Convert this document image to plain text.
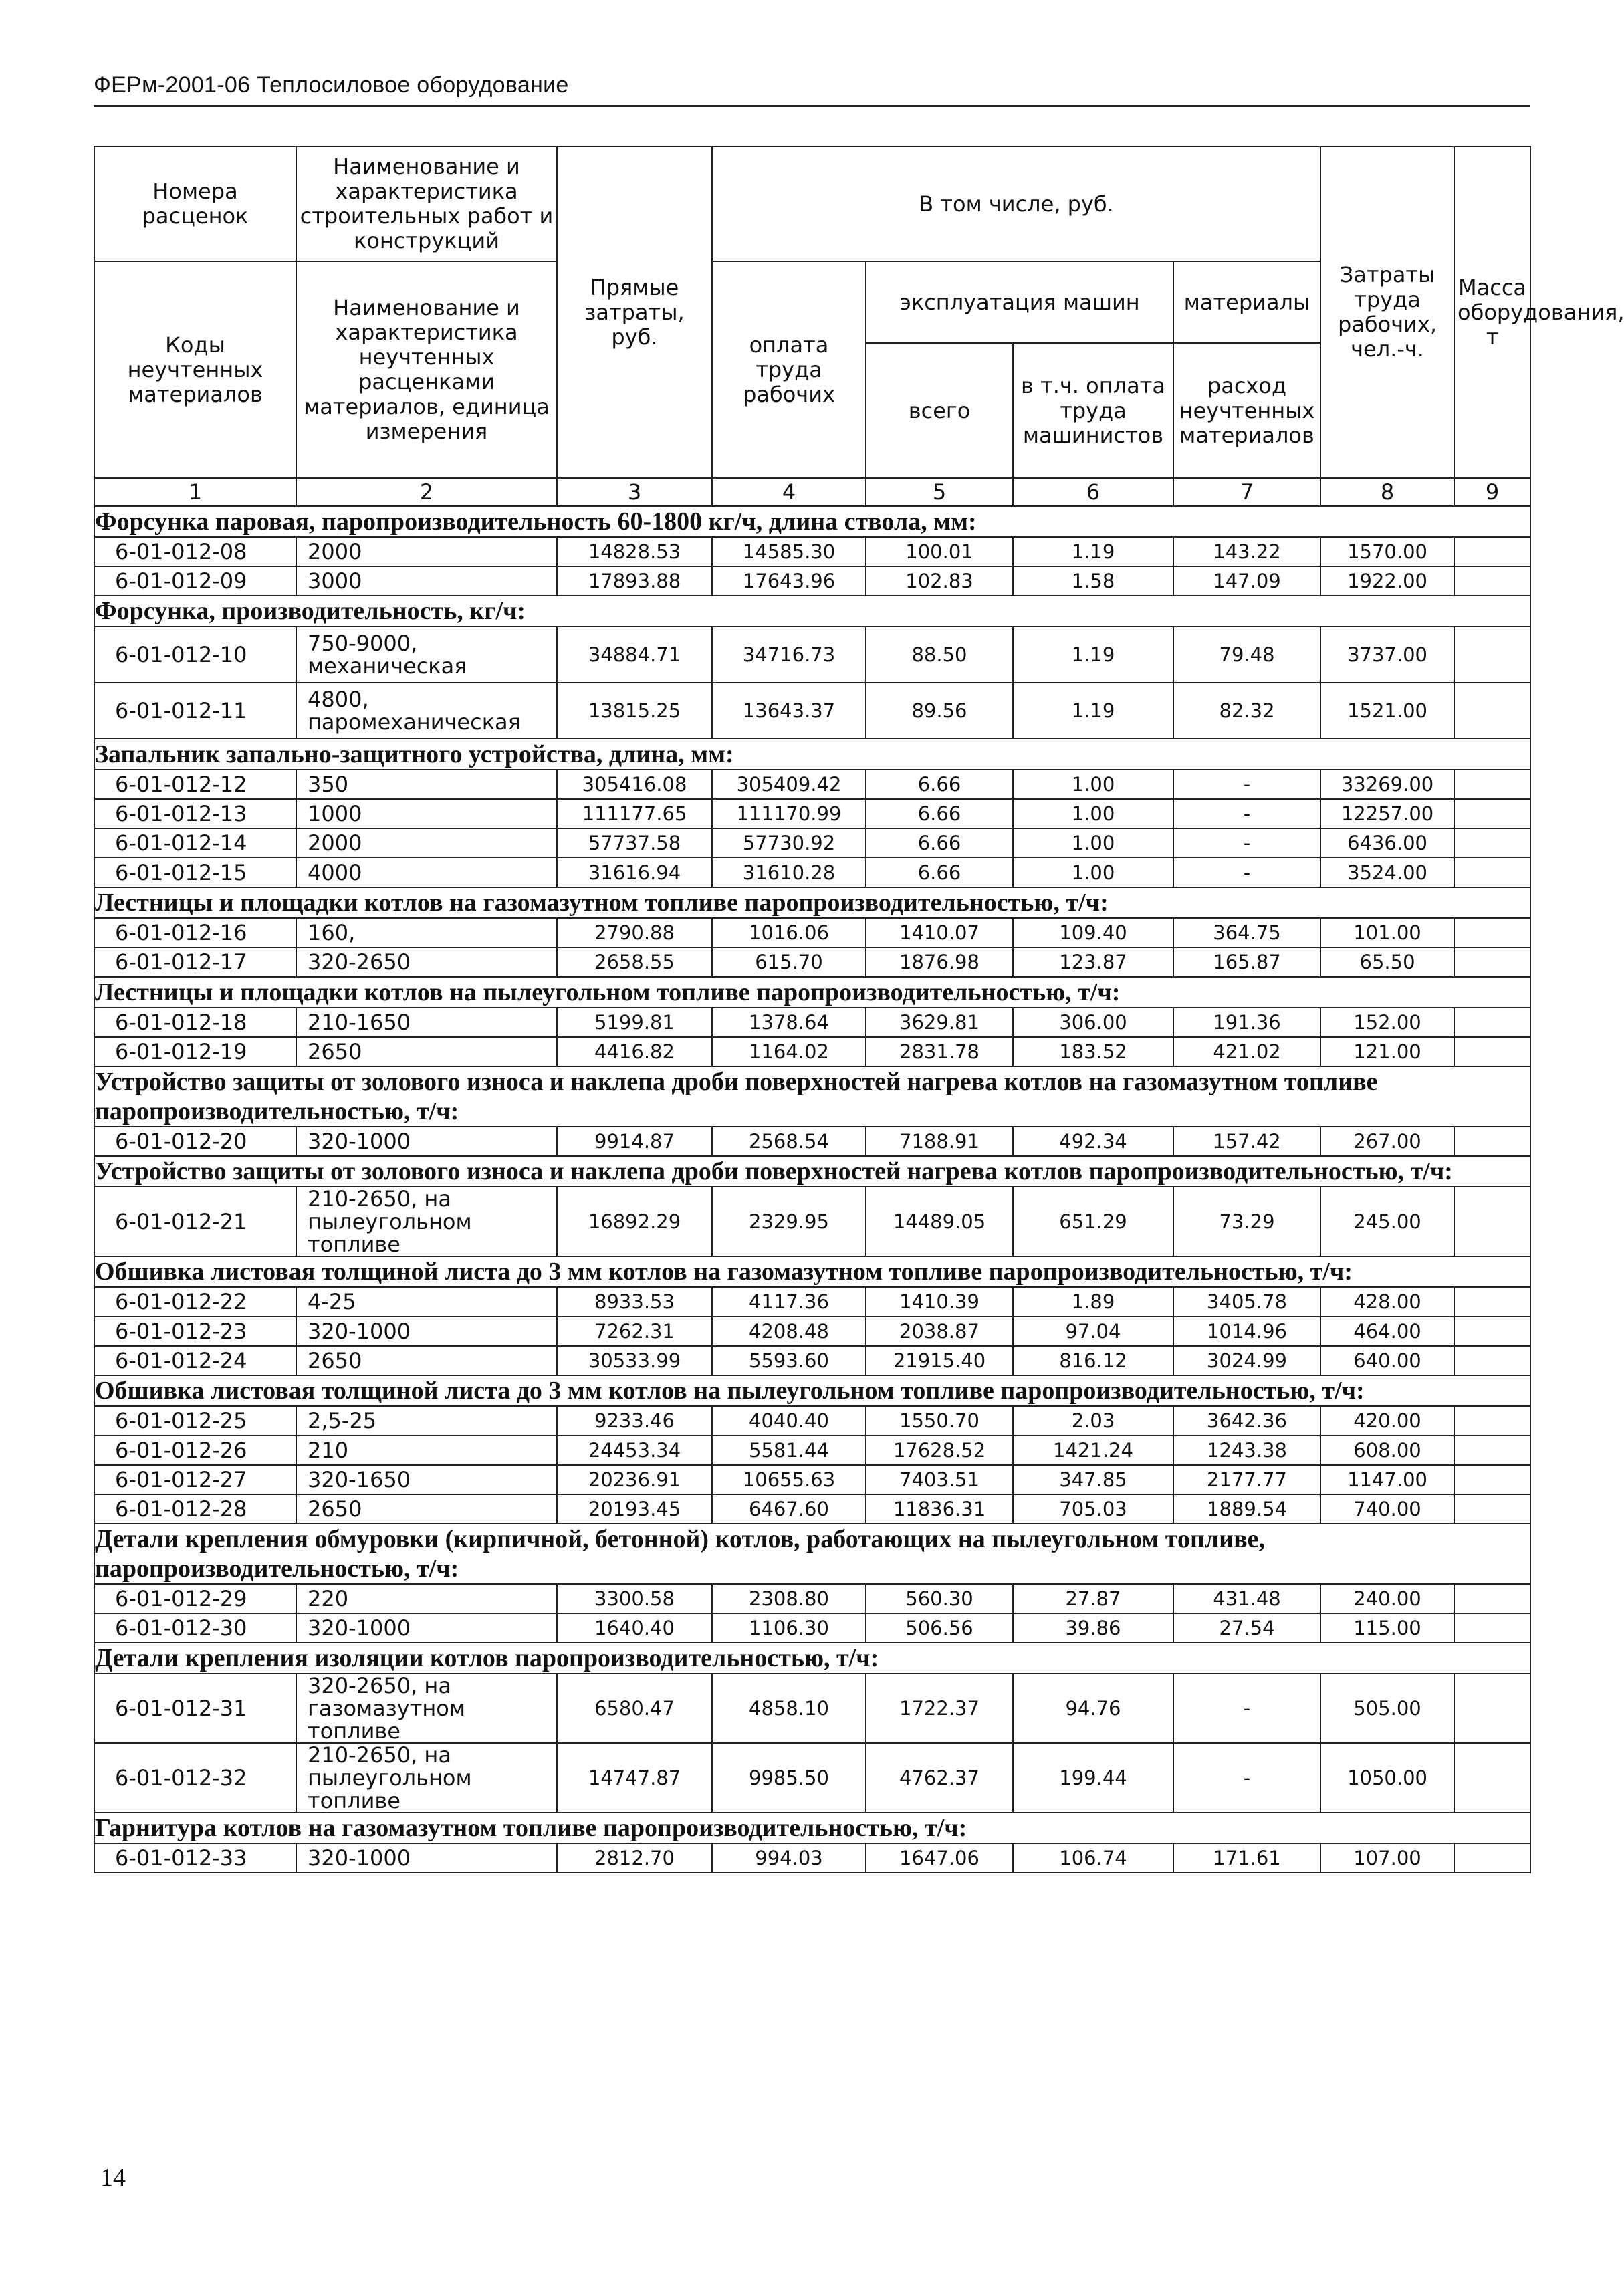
ФЕРм-2001-06 Теплосиловое оборудование
Номера расценок	Наименование и характеристика строительных работ и конструкций	Прямые затраты, руб.	В том числе, руб.				Затраты труда рабочих, чел.-ч.	Масса оборудования, т

Коды неучтенных материалов	Наименование и характеристика неучтенных расценками материалов, единица измерения		оплата труда рабочих	эксплуатация машин		материалы		

				всего	в т.ч. оплата труда машинистов	расход неучтенных материалов		

1	2	3	4	5	6	7	8	9
Форсунка паровая, паропроизводительность 60-1800 кг/ч, длина ствола, мм:								
6-01-012-08	2000	14828.53	14585.30	100.01	1.19	143.22	1570.00	
6-01-012-09	3000	17893.88	17643.96	102.83	1.58	147.09	1922.00	
Форсунка, производительность, кг/ч:								
6-01-012-10	750-9000, механическая	34884.71	34716.73	88.50	1.19	79.48	3737.00	
6-01-012-11	4800, паромеханическая	13815.25	13643.37	89.56	1.19	82.32	1521.00	
Запальник запально-защитного устройства, длина, мм:								
6-01-012-12	350	305416.08	305409.42	6.66	1.00	-	33269.00	
6-01-012-13	1000	111177.65	111170.99	6.66	1.00	-	12257.00	
6-01-012-14	2000	57737.58	57730.92	6.66	1.00	-	6436.00	
6-01-012-15	4000	31616.94	31610.28	6.66	1.00	-	3524.00	
Лестницы и площадки котлов на газомазутном топливе паропроизводительностью, т/ч:								
6-01-012-16	160,	2790.88	1016.06	1410.07	109.40	364.75	101.00	
6-01-012-17	320-2650	2658.55	615.70	1876.98	123.87	165.87	65.50	
Лестницы и площадки котлов на пылеугольном топливе паропроизводительностью, т/ч:								
6-01-012-18	210-1650	5199.81	1378.64	3629.81	306.00	191.36	152.00	
6-01-012-19	2650	4416.82	1164.02	2831.78	183.52	421.02	121.00	
Устройство защиты от золового износа и наклепа дроби поверхностей нагрева котлов на газомазутном топливе паропроизводительностью, т/ч:								
6-01-012-20	320-1000	9914.87	2568.54	7188.91	492.34	157.42	267.00	
Устройство защиты от золового износа и наклепа дроби поверхностей нагрева котлов паропроизводительностью, т/ч:								
6-01-012-21	210-2650, на пылеугольном топливе	16892.29	2329.95	14489.05	651.29	73.29	245.00	
Обшивка листовая толщиной листа до 3 мм котлов на газомазутном топливе паропроизводительностью, т/ч:								
6-01-012-22	4-25	8933.53	4117.36	1410.39	1.89	3405.78	428.00	
6-01-012-23	320-1000	7262.31	4208.48	2038.87	97.04	1014.96	464.00	
6-01-012-24	2650	30533.99	5593.60	21915.40	816.12	3024.99	640.00	
Обшивка листовая толщиной листа до 3 мм котлов на пылеугольном топливе паропроизводительностью, т/ч:								
6-01-012-25	2,5-25	9233.46	4040.40	1550.70	2.03	3642.36	420.00	
6-01-012-26	210	24453.34	5581.44	17628.52	1421.24	1243.38	608.00	
6-01-012-27	320-1650	20236.91	10655.63	7403.51	347.85	2177.77	1147.00	
6-01-012-28	2650	20193.45	6467.60	11836.31	705.03	1889.54	740.00	
Детали крепления обмуровки (кирпичной, бетонной) котлов, работающих на пылеугольном топливе, паропроизводительностью, т/ч:								
6-01-012-29	220	3300.58	2308.80	560.30	27.87	431.48	240.00	
6-01-012-30	320-1000	1640.40	1106.30	506.56	39.86	27.54	115.00	
Детали крепления изоляции котлов паропроизводительностью, т/ч:								
6-01-012-31	320-2650, на газомазутном топливе	6580.47	4858.10	1722.37	94.76	-	505.00	
6-01-012-32	210-2650, на пылеугольном топливе	14747.87	9985.50	4762.37	199.44	-	1050.00	
Гарнитура котлов на газомазутном топливе паропроизводительностью, т/ч:								
6-01-012-33	320-1000	2812.70	994.03	1647.06	106.74	171.61	107.00	
14
